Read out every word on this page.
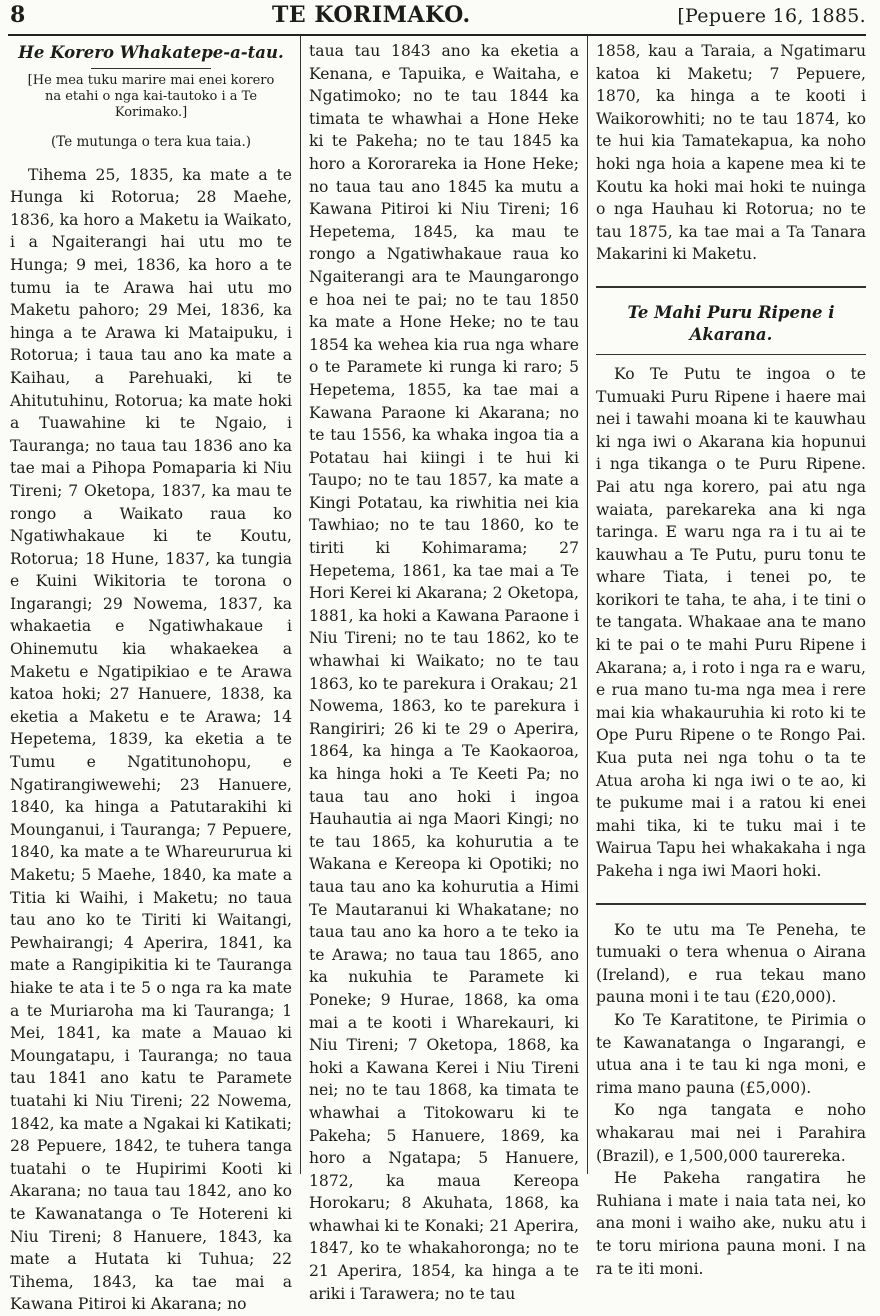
8	TE KORIMAKO.	[Pepuere 16, 1885.
He Korero Whakatepe-a-tau.
[He mea tuku marire mai enei korero na etahi o nga kai-tautoko i a Te Korimako.]
(Te mutunga o tera kua taia.)

Tihema 25, 1835, ka mate a te Hunga ki Rotorua; 28 Maehe, 1836, ka horo a Maketu ia Waikato, i a Ngaiterangi hai utu mo te Hunga; 9 mei, 1836, ka horo a te tumu ia te Arawa hai utu mo Maketu pahoro; 29 Mei, 1836, ka hinga a te Arawa ki Mataipuku, i Rotorua; i taua tau ano ka mate a Kaihau, a Parehuaki, ki te Ahitutuhinu, Rotorua; ka mate hoki a Tuawahine ki te Ngaio, i Tauranga; no taua tau 1836 ano ka tae mai a Pihopa Pomaparia ki Niu Tireni; 7 Oketopa, 1837, ka mau te rongo a Waikato raua ko Ngatiwhakaue ki te Koutu, Rotorua; 18 Hune, 1837, ka tungia e Kuini Wikitoria te torona o Ingarangi; 29 Nowema, 1837, ka whakaetia e Ngatiwhakaue i Ohinemutu kia whakaekea a Maketu e Ngatipikiao e te Arawa katoa hoki; 27 Hanuere, 1838, ka eketia a Maketu e te Arawa; 14 Hepetema, 1839, ka eketia a te Tumu e Ngatitunohopu, e Ngatirangiwewehi; 23 Hanuere, 1840, ka hinga a Patutarakihi ki Mounganui, i Tauranga; 7 Pepuere, 1840, ka mate a te Whareururua ki Maketu; 5 Maehe, 1840, ka mate a Titia ki Waihi, i Maketu; no taua tau ano ko te Tiriti ki Waitangi, Pewhairangi; 4 Aperira, 1841, ka mate a Rangipikitia ki te Tauranga hiake te ata i te 5 o nga ra ka mate a te Muriaroha ma ki Tauranga; 1 Mei, 1841, ka mate a Mauao ki Moungatapu, i Tauranga; no taua tau 1841 ano katu te Paramete tuatahi ki Niu Tireni; 22 Nowema, 1842, ka mate a Ngakai ki Katikati; 28 Pepuere, 1842, te tuhera tanga tuatahi o te Hupirimi Kooti ki Akarana; no taua tau 1842, ano ko te Kawanatanga o Te Hotereni ki Niu Tireni; 8 Hanuere, 1843, ka mate a Hutata ki Tuhua; 22 Tihema, 1843, ka tae mai a Kawana Pitiroi ki Akarana; no

taua tau 1843 ano ka eketia a Kenana, e Tapuika, e Waitaha, e Ngatimoko; no te tau 1844 ka timata te whawhai a Hone Heke ki te Pakeha; no te tau 1845 ka horo a Kororareka ia Hone Heke; no taua tau ano 1845 ka mutu a Kawana Pitiroi ki Niu Tireni; 16 Hepetema, 1845, ka mau te rongo a Ngatiwhakaue raua ko Ngaiterangi ara te Maungarongo e hoa nei te pai; no te tau 1850 ka mate a Hone Heke; no te tau 1854 ka wehea kia rua nga whare o te Paramete ki runga ki raro; 5 Hepetema, 1855, ka tae mai a Kawana Paraone ki Akarana; no te tau 1556, ka whaka ingoa tia a Potatau hai kiingi i te hui ki Taupo; no te tau 1857, ka mate a Kingi Potatau, ka riwhitia nei kia Tawhiao; no te tau 1860, ko te tiriti ki Kohimarama; 27 Hepetema, 1861, ka tae mai a Te Hori Kerei ki Akarana; 2 Oketopa, 1881, ka hoki a Kawana Paraone i Niu Tireni; no te tau 1862, ko te whawhai ki Waikato; no te tau 1863, ko te parekura i Orakau; 21 Nowema, 1863, ko te parekura i Rangiriri; 26 ki te 29 o Aperira, 1864, ka hinga a Te Kaokaoroa, ka hinga hoki a Te Keeti Pa; no taua tau ano hoki i ingoa Hauhautia ai nga Maori Kingi; no te tau 1865, ka kohurutia a te Wakana e Kereopa ki Opotiki; no taua tau ano ka kohurutia a Himi Te Mautaranui ki Whakatane; no taua tau ano ka horo a te teko ia te Arawa; no taua tau 1865, ano ka nukuhia te Paramete ki Poneke; 9 Hurae, 1868, ka oma mai a te kooti i Wharekauri, ki Niu Tireni; 7 Oketopa, 1868, ka hoki a Kawana Kerei i Niu Tireni nei; no te tau 1868, ka timata te whawhai a Titokowaru ki te Pakeha; 5 Hanuere, 1869, ka horo a Ngatapa; 5 Hanuere, 1872, ka maua Kereopa Horokaru; 8 Akuhata, 1868, ka whawhai ki te Konaki; 21 Aperira, 1847, ko te whakahoronga; no te 21 Aperira, 1854, ka hinga a te ariki i Tarawera; no te tau

1858, kau a Taraia, a Ngatimaru katoa ki Maketu; 7 Pepuere, 1870, ka hinga a te kooti i Waikorowhiti; no te tau 1874, ko te hui kia Tamatekapua, ka noho hoki nga hoia a kapene mea ki te Koutu ka hoki mai hoki te nuinga o nga Hauhau ki Rotorua; no te tau 1875, ka tae mai a Ta Tanara Makarini ki Maketu.

Te Mahi Puru Ripene i Akarana.

Ko Te Putu te ingoa o te Tumuaki Puru Ripene i haere mai nei i tawahi moana ki te kauwhau ki nga iwi o Akarana kia hopunui i nga tikanga o te Puru Ripene. Pai atu nga korero, pai atu nga waiata, parekareka ana ki nga taringa. E waru nga ra i tu ai te kauwhau a Te Putu, puru tonu te whare Tiata, i tenei po, te korikori te taha, te aha, i te tini o te tangata. Whakaae ana te mano ki te pai o te mahi Puru Ripene i Akarana; a, i roto i nga ra e waru, e rua mano tu-ma nga mea i rere mai kia whakauruhia ki roto ki te Ope Puru Ripene o te Rongo Pai. Kua puta nei nga tohu o ta te Atua aroha ki nga iwi o te ao, ki te pukume mai i a ratou ki enei mahi tika, ki te tuku mai i te Wairua Tapu hei whakakaha i nga Pakeha i nga iwi Maori hoki.

Ko te utu ma Te Peneha, te tumuaki o tera whenua o Airana (Ireland), e rua tekau mano pauna moni i te tau (£20,000).

Ko Te Karatitone, te Pirimia o te Kawanatanga o Ingarangi, e utua ana i te tau ki nga moni, e rima mano pauna (£5,000).

Ko nga tangata e noho whakarau mai nei i Parahira (Brazil), e 1,500,000 taurereka.

He Pakeha rangatira he Ruhiana i mate i naia tata nei, ko ana moni i waiho ake, nuku atu i te toru miriona pauna moni. I na ra te iti moni.
